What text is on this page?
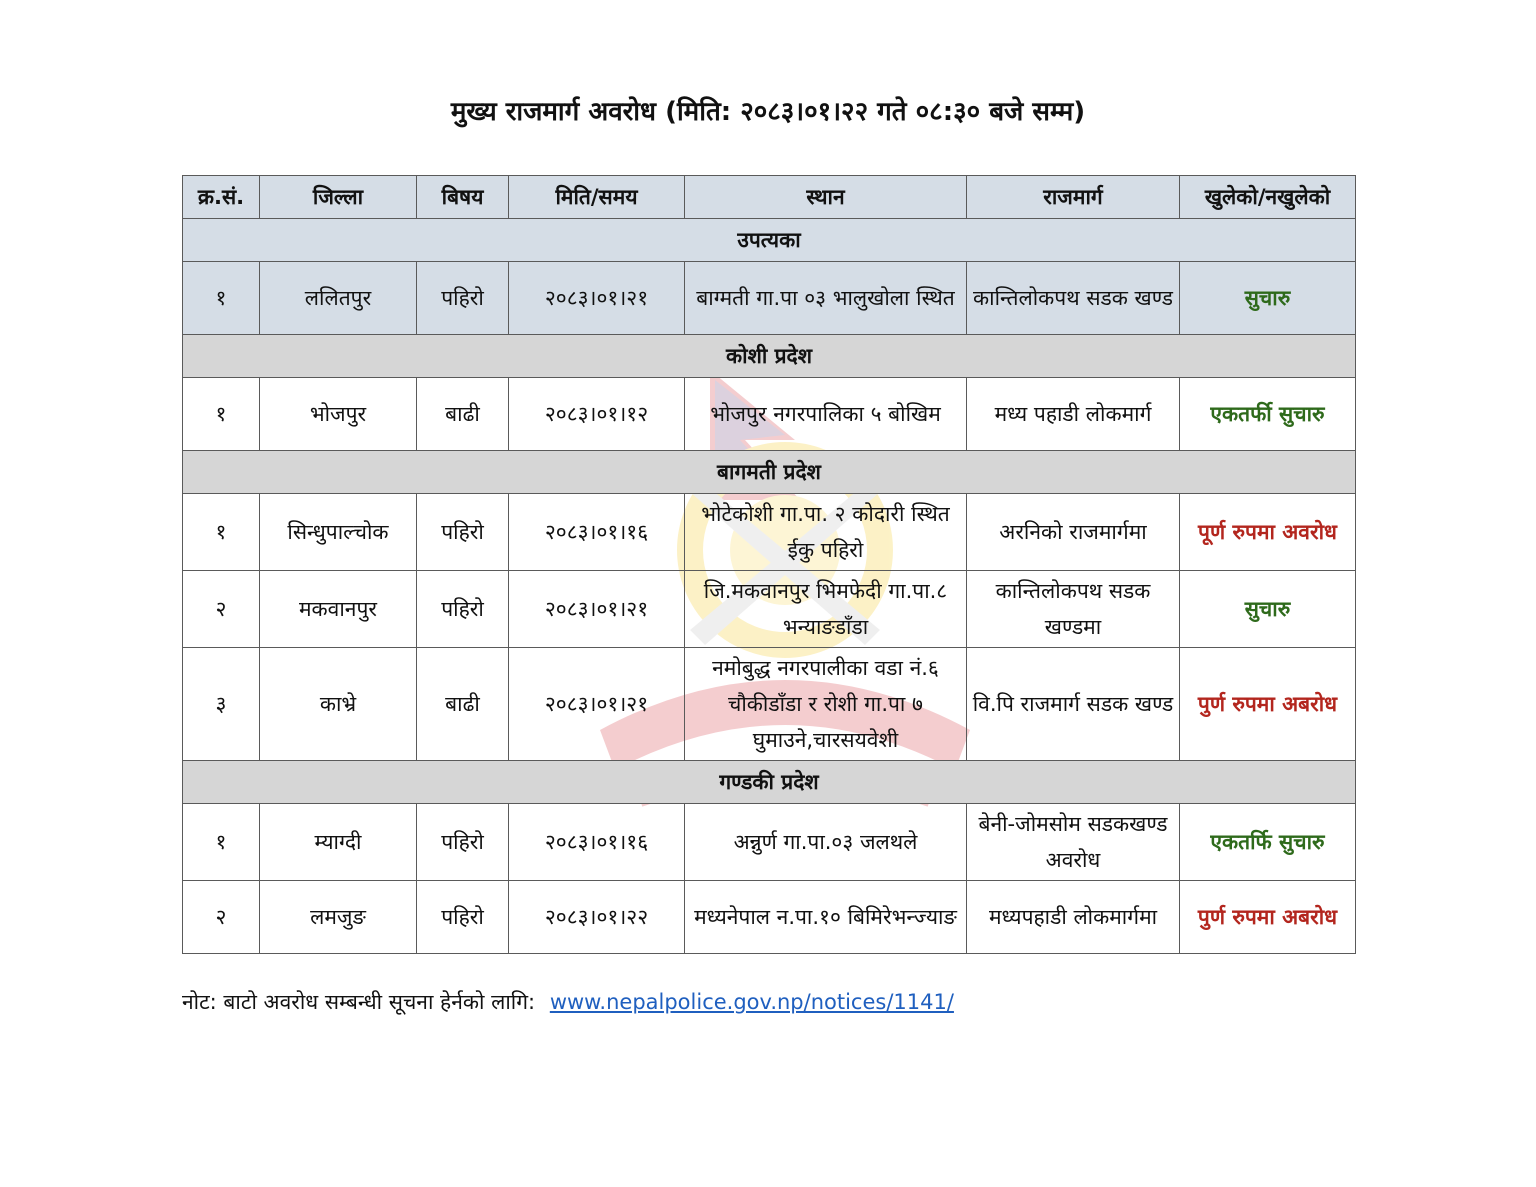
मुख्य राजमार्ग अवरोध (मिति: २०८३।०१।२२ गते ०८:३० बजे सम्म)
क्र.सं.	जिल्ला	बिषय	मिति/समय	स्थान	राजमार्ग	खुलेको/नखुलेको
उपत्यका						
१	ललितपुर	पहिरो	२०८३।०१।२१	बाग्मती गा.पा ०३ भालुखोला स्थित	कान्तिलोकपथ सडक खण्ड	सुचारु
कोशी प्रदेश						
१	भोजपुर	बाढी	२०८३।०१।१२	भोजपुर नगरपालिका ५ बोखिम	मध्य पहाडी लोकमार्ग	एकतर्फी सुचारु
बागमती प्रदेश						
१	सिन्धुपाल्चोक	पहिरो	२०८३।०१।१६	भोटेकोशी गा.पा. २ कोदारी स्थित ईकु पहिरो	अरनिको राजमार्गमा	पूर्ण रुपमा अवरोध
२	मकवानपुर	पहिरो	२०८३।०१।२१	जि.मकवानपुर भिमफेदी गा.पा.८ भन्याङडाँडा	कान्तिलोकपथ सडक खण्डमा	सुचारु
३	काभ्रे	बाढी	२०८३।०१।२१	नमोबुद्ध नगरपालीका वडा नं.६ चौकीडाँडा र रोशी गा.पा ७ घुमाउने,चारसयवेशी	वि.पि राजमार्ग सडक खण्ड	पुर्ण रुपमा अबरोध
गण्डकी प्रदेश						
१	म्याग्दी	पहिरो	२०८३।०१।१६	अन्नुर्ण गा.पा.०३ जलथले	बेनी-जोमसोम सडकखण्ड अवरोध	एकतर्फि सुचारु
२	लमजुङ	पहिरो	२०८३।०१।२२	मध्यनेपाल न.पा.१० बिमिरेभन्ज्याङ	मध्यपहाडी लोकमार्गमा	पुर्ण रुपमा अबरोध
नोट: बाटो अवरोध सम्बन्धी सूचना हेर्नको लागि: www.nepalpolice.gov.np/notices/1141/
